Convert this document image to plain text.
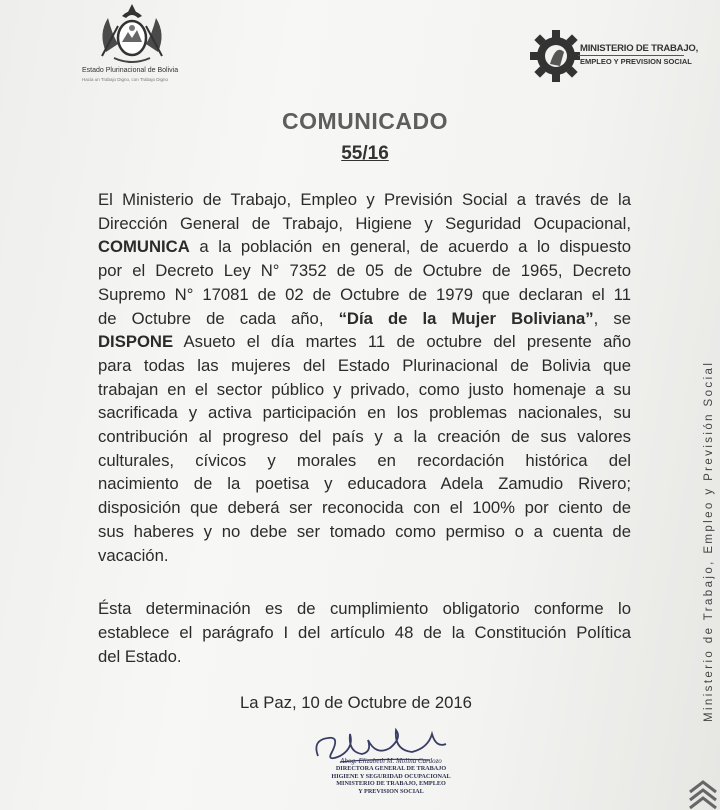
Estado Plurinacional de Bolivia
Hacia un Trabajo Digno, con Trabajo Digno
MINISTERIO DE TRABAJO,
EMPLEO Y PREVISION SOCIAL
COMUNICADO
55/16
El Ministerio de Trabajo, Empleo y Previsión Social a través de la
Dirección General de Trabajo, Higiene y Seguridad Ocupacional,
COMUNICA a la población en general, de acuerdo a lo dispuesto
por el Decreto Ley N° 7352 de 05 de Octubre de 1965, Decreto
Supremo N° 17081 de 02 de Octubre de 1979 que declaran el 11
de Octubre de cada año, “Día de la Mujer Boliviana”, se
DISPONE Asueto el día martes 11 de octubre del presente año
para todas las mujeres del Estado Plurinacional de Bolivia que
trabajan en el sector público y privado, como justo homenaje a su
sacrificada y activa participación en los problemas nacionales, su
contribución al progreso del país y a la creación de sus valores
culturales, cívicos y morales en recordación histórica del
nacimiento de la poetisa y educadora Adela Zamudio Rivero;
disposición que deberá ser reconocida con el 100% por ciento de
sus haberes y no debe ser tomado como permiso o a cuenta de
vacación.
Ésta determinación es de cumplimiento obligatorio conforme lo
establece el parágrafo I del artículo 48 de la Constitución Política
del Estado.
La Paz, 10 de Octubre de 2016
Abog. Elizabeth M. Molina Cardozo
DIRECTORA GENERAL DE TRABAJO
HIGIENE Y SEGURIDAD OCUPACIONAL
MINISTERIO DE TRABAJO, EMPLEO
Y PREVISION SOCIAL
Ministerio de Trabajo, Empleo y Previsión Social
